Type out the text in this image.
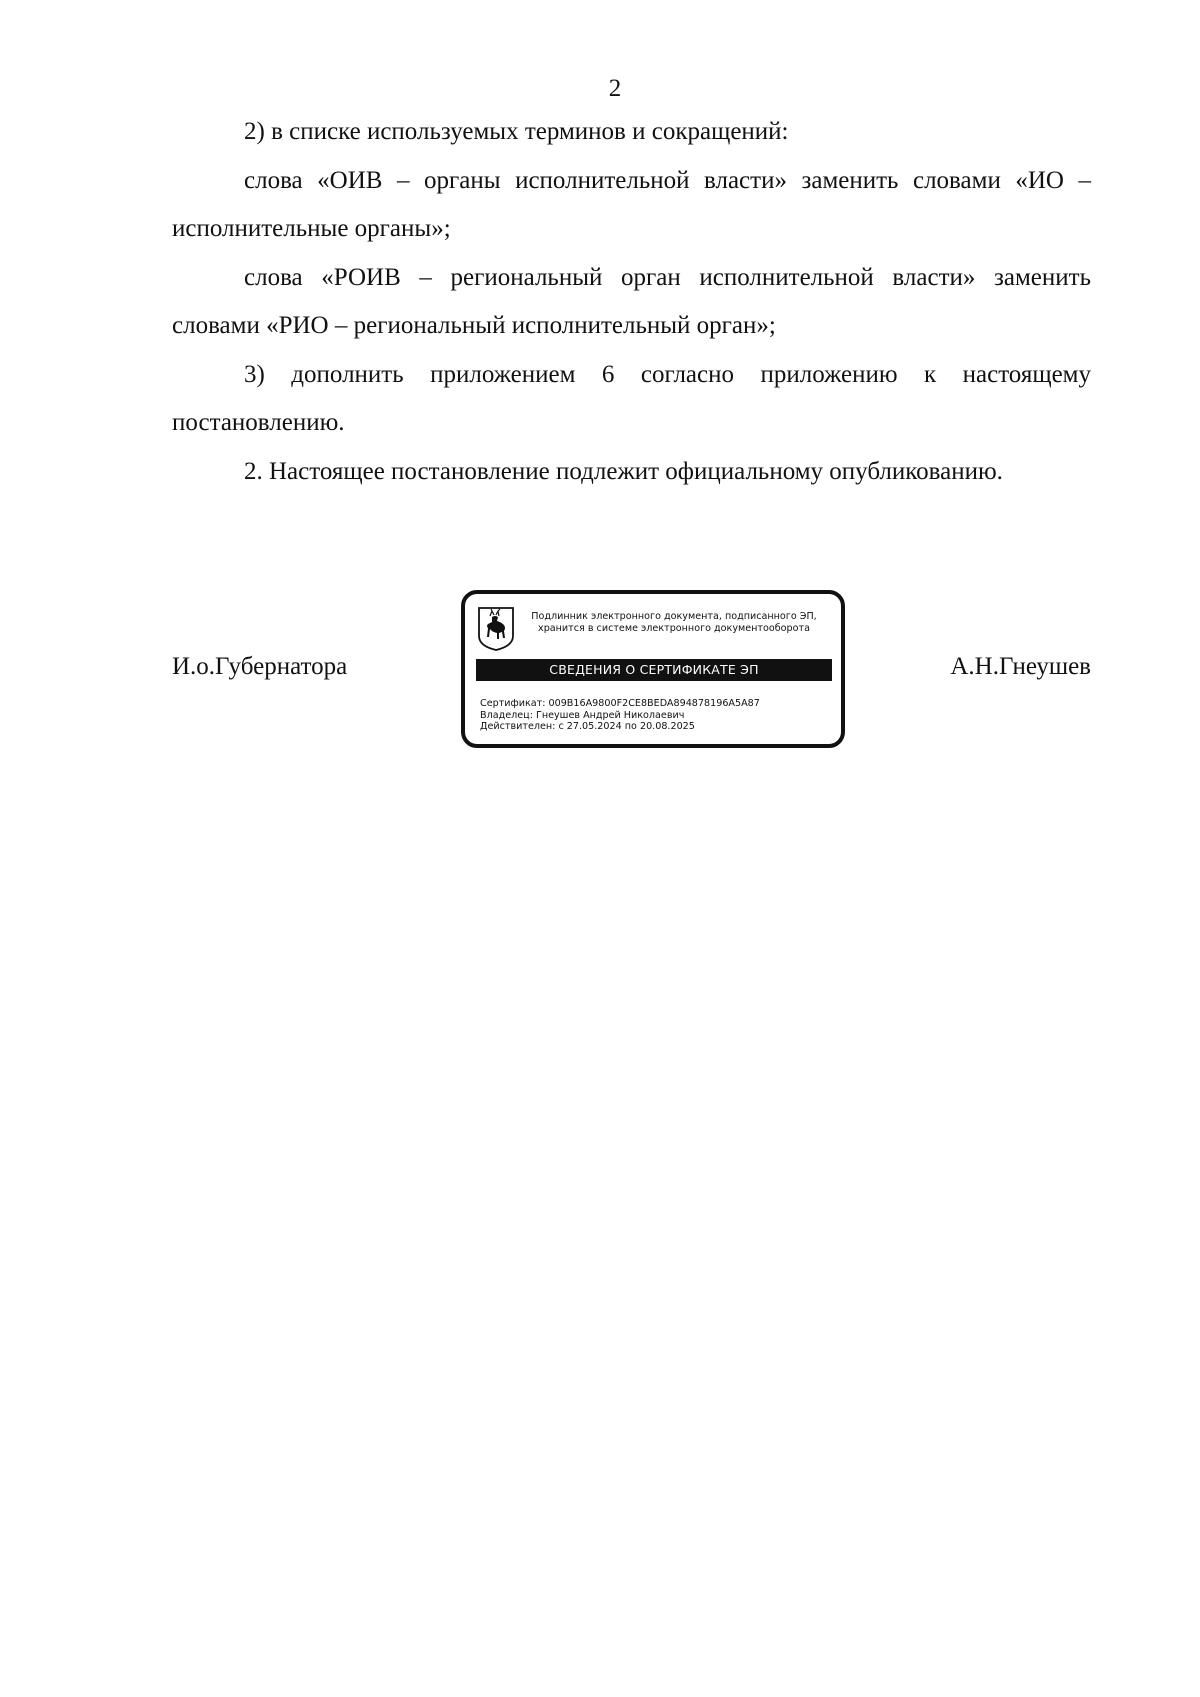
2

2) в списке используемых терминов и сокращений:

слова «ОИВ – органы исполнительной власти» заменить словами «ИО – исполнительные органы»;

слова «РОИВ – региональный орган исполнительной власти» заменить словами «РИО – региональный исполнительный орган»;

3) дополнить приложением 6 согласно приложению к настоящему постановлению.

2. Настоящее постановление подлежит официальному опубликованию.

И.о.Губернатора
Подлинник электронного документа, подписанного ЭП,
хранится в системе электронного документооборота
СВЕДЕНИЯ О СЕРТИФИКАТЕ ЭП
Сертификат: 009B16A9800F2CE8BEDA894878196A5A87
Владелец: Гнеушев Андрей Николаевич
Действителен: с 27.05.2024 по 20.08.2025
А.Н.Гнеушев
